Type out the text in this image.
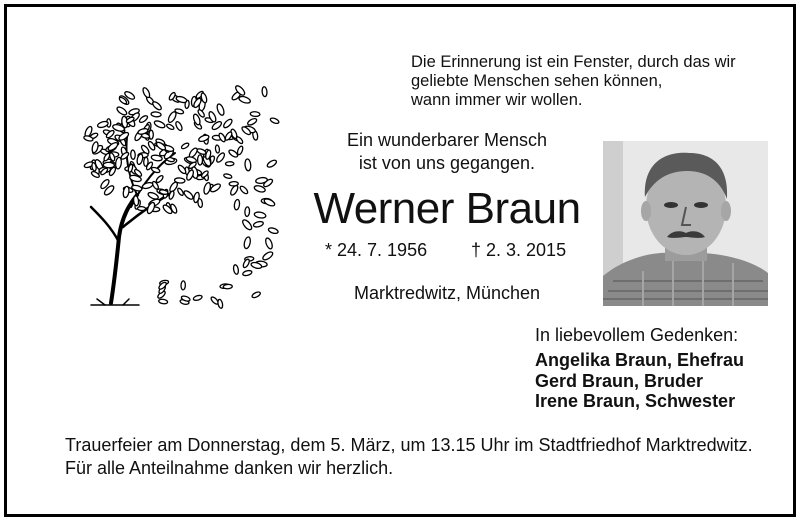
Die Erinnerung ist ein Fenster, durch das wir
geliebte Menschen sehen können,
wann immer wir wollen.
Ein wunderbarer Mensch
ist von uns gegangen.
Werner Braun
* 24. 7. 1956 † 2. 3. 2015
Marktredwitz, München
In liebevollem Gedenken:
Angelika Braun, Ehefrau
Gerd Braun, Bruder
Irene Braun, Schwester
Trauerfeier am Donnerstag, dem 5. März, um 13.15 Uhr im Stadtfriedhof Marktredwitz.
Für alle Anteilnahme danken wir herzlich.
